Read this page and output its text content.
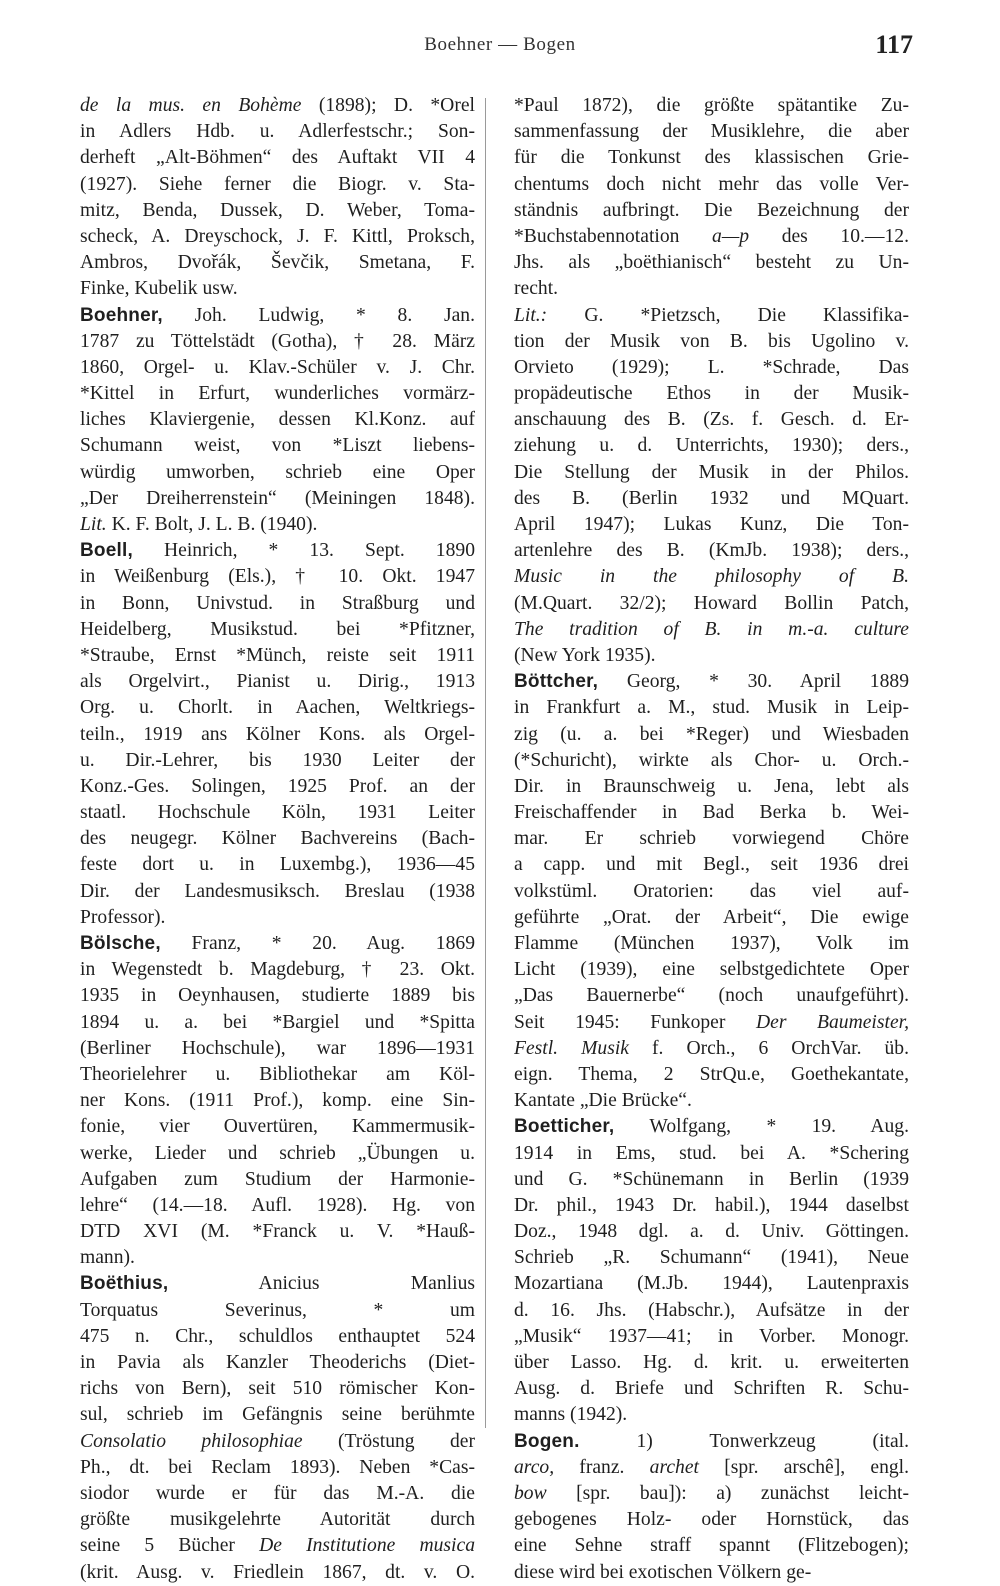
Boehner — Bogen	117
de la mus. en Bohème (1898); D. *Orel
in Adlers Hdb. u. Adlerfestschr.; Son-
derheft „Alt-Böhmen“ des Auftakt VII 4
(1927). Siehe ferner die Biogr. v. Sta-
mitz, Benda, Dussek, D. Weber, Toma-
scheck, A. Dreyschock, J. F. Kittl, Proksch,
Ambros, Dvořák, Ševčik, Smetana, F.
Finke, Kubelik usw.
Boehner, Joh. Ludwig, * 8. Jan.
1787 zu Töttelstädt (Gotha), † 28. März
1860, Orgel- u. Klav.-Schüler v. J. Chr.
*Kittel in Erfurt, wunderliches vormärz-
liches Klaviergenie, dessen Kl.Konz. auf
Schumann weist, von *Liszt liebens-
würdig umworben, schrieb eine Oper
„Der Dreiherrenstein“ (Meiningen 1848).
Lit. K. F. Bolt, J. L. B. (1940).
Boell, Heinrich, * 13. Sept. 1890
in Weißenburg (Els.), † 10. Okt. 1947
in Bonn, Univstud. in Straßburg und
Heidelberg, Musikstud. bei *Pfitzner,
*Straube, Ernst *Münch, reiste seit 1911
als Orgelvirt., Pianist u. Dirig., 1913
Org. u. Chorlt. in Aachen, Weltkriegs-
teiln., 1919 ans Kölner Kons. als Orgel-
u. Dir.-Lehrer, bis 1930 Leiter der
Konz.-Ges. Solingen, 1925 Prof. an der
staatl. Hochschule Köln, 1931 Leiter
des neugegr. Kölner Bachvereins (Bach-
feste dort u. in Luxembg.), 1936—45
Dir. der Landesmusiksch. Breslau (1938
Professor).
Bölsche, Franz, * 20. Aug. 1869
in Wegenstedt b. Magdeburg, † 23. Okt.
1935 in Oeynhausen, studierte 1889 bis
1894 u. a. bei *Bargiel und *Spitta
(Berliner Hochschule), war 1896—1931
Theorielehrer u. Bibliothekar am Köl-
ner Kons. (1911 Prof.), komp. eine Sin-
fonie, vier Ouvertüren, Kammermusik-
werke, Lieder und schrieb „Übungen u.
Aufgaben zum Studium der Harmonie-
lehre“ (14.—18. Aufl. 1928). Hg. von
DTD XVI (M. *Franck u. V. *Hauß-
mann).
Boëthius, Anicius Manlius
Torquatus Severinus, * um
475 n. Chr., schuldlos enthauptet 524
in Pavia als Kanzler Theoderichs (Diet-
richs von Bern), seit 510 römischer Kon-
sul, schrieb im Gefängnis seine berühmte
Consolatio philosophiae (Tröstung der
Ph., dt. bei Reclam 1893). Neben *Cas-
siodor wurde er für das M.-A. die
größte musikgelehrte Autorität durch
seine 5 Bücher De Institutione musica
(krit. Ausg. v. Friedlein 1867, dt. v. O.
*Paul 1872), die größte spätantike Zu-
sammenfassung der Musiklehre, die aber
für die Tonkunst des klassischen Grie-
chentums doch nicht mehr das volle Ver-
ständnis aufbringt. Die Bezeichnung der
*Buchstabennotation a—p des 10.—12.
Jhs. als „boëthianisch“ besteht zu Un-
recht.
Lit.: G. *Pietzsch, Die Klassifika-
tion der Musik von B. bis Ugolino v.
Orvieto (1929); L. *Schrade, Das
propädeutische Ethos in der Musik-
anschauung des B. (Zs. f. Gesch. d. Er-
ziehung u. d. Unterrichts, 1930); ders.,
Die Stellung der Musik in der Philos.
des B. (Berlin 1932 und MQuart.
April 1947); Lukas Kunz, Die Ton-
artenlehre des B. (KmJb. 1938); ders.,
Music in the philosophy of B.
(M.Quart. 32/2); Howard Bollin Patch,
The tradition of B. in m.-a. culture
(New York 1935).
Böttcher, Georg, * 30. April 1889
in Frankfurt a. M., stud. Musik in Leip-
zig (u. a. bei *Reger) und Wiesbaden
(*Schuricht), wirkte als Chor- u. Orch.-
Dir. in Braunschweig u. Jena, lebt als
Freischaffender in Bad Berka b. Wei-
mar. Er schrieb vorwiegend Chöre
a capp. und mit Begl., seit 1936 drei
volkstüml. Oratorien: das viel auf-
geführte „Orat. der Arbeit“, Die ewige
Flamme (München 1937), Volk im
Licht (1939), eine selbstgedichtete Oper
„Das Bauernerbe“ (noch unaufgeführt).
Seit 1945: Funkoper Der Baumeister,
Festl. Musik f. Orch., 6 OrchVar. üb.
eign. Thema, 2 StrQu.e, Goethekantate,
Kantate „Die Brücke“.
Boetticher, Wolfgang, * 19. Aug.
1914 in Ems, stud. bei A. *Schering
und G. *Schünemann in Berlin (1939
Dr. phil., 1943 Dr. habil.), 1944 daselbst
Doz., 1948 dgl. a. d. Univ. Göttingen.
Schrieb „R. Schumann“ (1941), Neue
Mozartiana (M.Jb. 1944), Lautenpraxis
d. 16. Jhs. (Habschr.), Aufsätze in der
„Musik“ 1937—41; in Vorber. Monogr.
über Lasso. Hg. d. krit. u. erweiterten
Ausg. d. Briefe und Schriften R. Schu-
manns (1942).
Bogen. 1) Tonwerkzeug (ital.
arco, franz. archet [spr. arschê], engl.
bow [spr. bau]): a) zunächst leicht-
gebogenes Holz- oder Hornstück, das
eine Sehne straff spannt (Flitzebogen);
diese wird bei exotischen Völkern ge-
